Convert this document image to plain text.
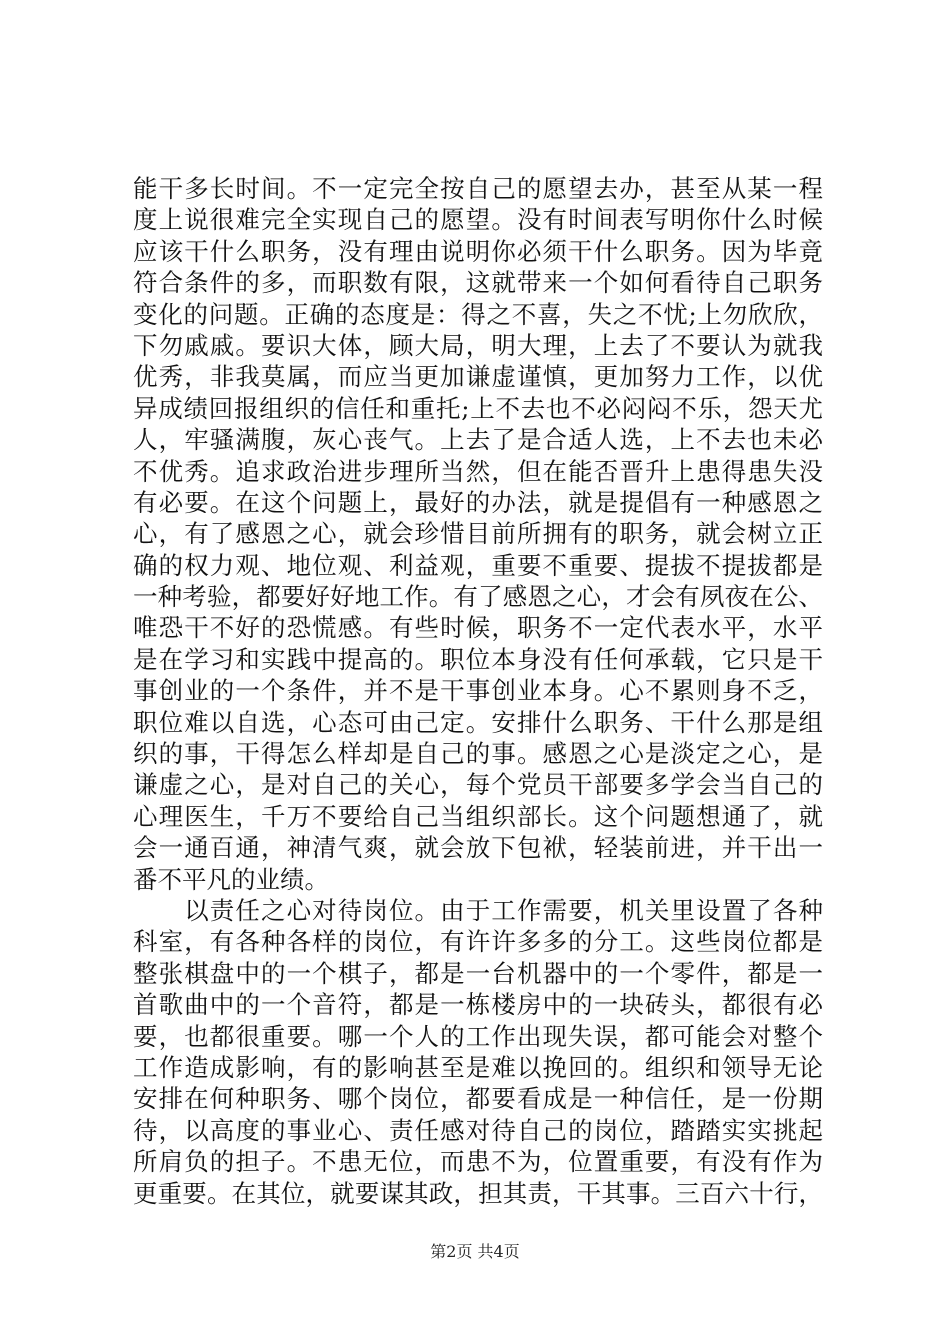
能干多长时间。不一定完全按自己的愿望去办，甚至从某一程
度上说很难完全实现自己的愿望。没有时间表写明你什么时候
应该干什么职务，没有理由说明你必须干什么职务。因为毕竟
符合条件的多，而职数有限，这就带来一个如何看待自己职务
变化的问题。正确的态度是：得之不喜，失之不忧;上勿欣欣，
下勿戚戚。要识大体，顾大局，明大理，上去了不要认为就我
优秀，非我莫属，而应当更加谦虚谨慎，更加努力工作，以优
异成绩回报组织的信任和重托;上不去也不必闷闷不乐，怨天尤
人，牢骚满腹，灰心丧气。上去了是合适人选，上不去也未必
不优秀。追求政治进步理所当然，但在能否晋升上患得患失没
有必要。在这个问题上，最好的办法，就是提倡有一种感恩之
心，有了感恩之心，就会珍惜目前所拥有的职务，就会树立正
确的权力观、地位观、利益观，重要不重要、提拔不提拔都是
一种考验，都要好好地工作。有了感恩之心，才会有夙夜在公、
唯恐干不好的恐慌感。有些时候，职务不一定代表水平，水平
是在学习和实践中提高的。职位本身没有任何承载，它只是干
事创业的一个条件，并不是干事创业本身。心不累则身不乏，
职位难以自选，心态可由己定。安排什么职务、干什么那是组
织的事，干得怎么样却是自己的事。感恩之心是淡定之心，是
谦虚之心，是对自己的关心，每个党员干部要多学会当自己的
心理医生，千万不要给自己当组织部长。这个问题想通了，就
会一通百通，神清气爽，就会放下包袱，轻装前进，并干出一
番不平凡的业绩。
　　以责任之心对待岗位。由于工作需要，机关里设置了各种
科室，有各种各样的岗位，有许许多多的分工。这些岗位都是
整张棋盘中的一个棋子，都是一台机器中的一个零件，都是一
首歌曲中的一个音符，都是一栋楼房中的一块砖头，都很有必
要，也都很重要。哪一个人的工作出现失误，都可能会对整个
工作造成影响，有的影响甚至是难以挽回的。组织和领导无论
安排在何种职务、哪个岗位，都要看成是一种信任，是一份期
待，以高度的事业心、责任感对待自己的岗位，踏踏实实挑起
所肩负的担子。不患无位，而患不为，位置重要，有没有作为
更重要。在其位，就要谋其政，担其责，干其事。三百六十行，
第2页 共4页
